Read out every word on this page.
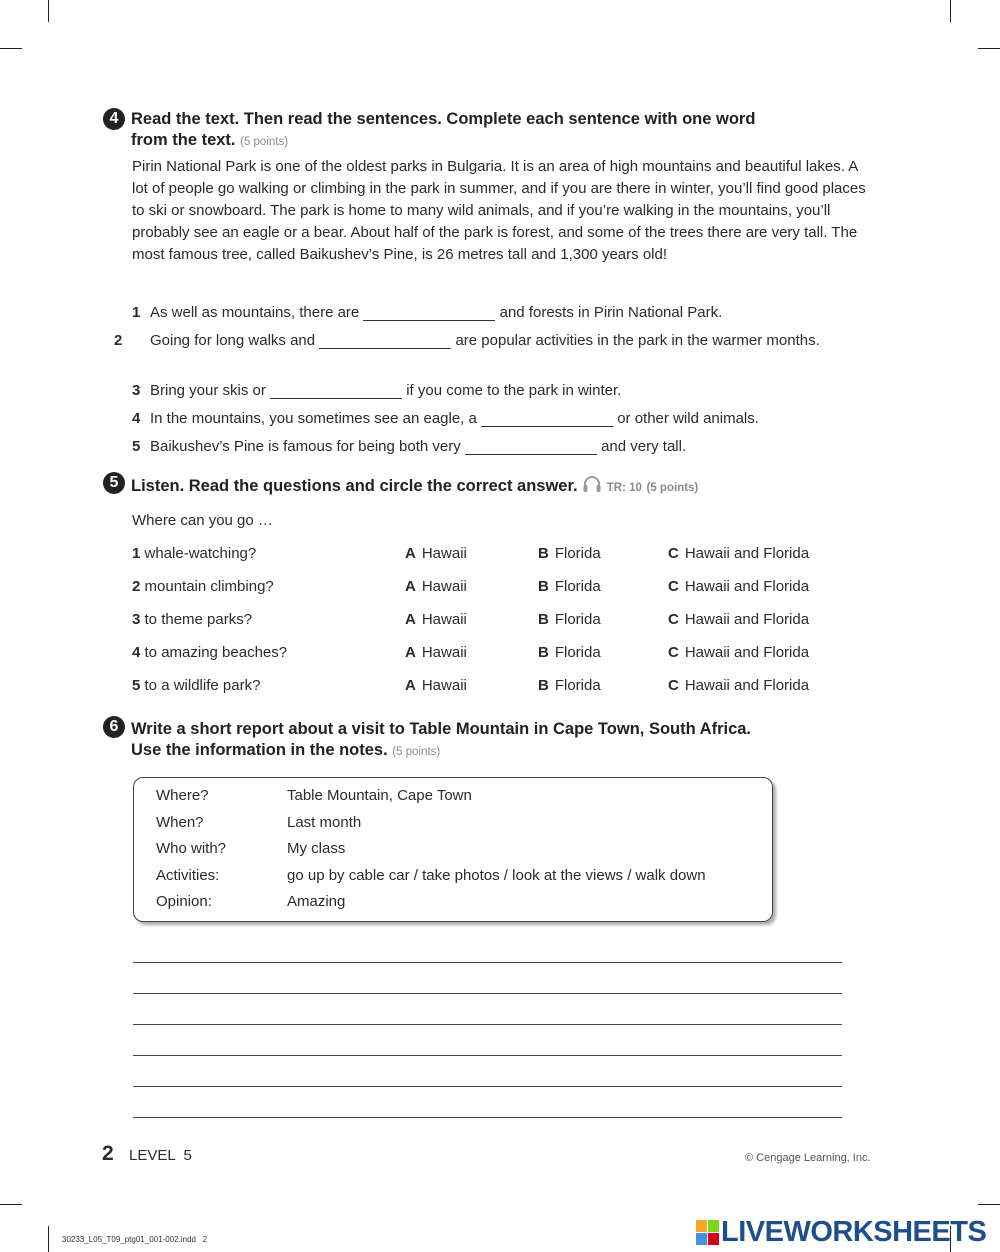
4 Read the text. Then read the sentences. Complete each sentence with one word
from the text. (5 points)
Pirin National Park is one of the oldest parks in Bulgaria. It is an area of high mountains and beautiful lakes. A lot of people go walking or climbing in the park in summer, and if you are there in winter, you’ll find good places to ski or snowboard. The park is home to many wild animals, and if you’re walking in the mountains, you’ll probably see an eagle or a bear. About half of the park is forest, and some of the trees there are very tall. The most famous tree, called Baikushev’s Pine, is 26 metres tall and 1,300 years old!
1 As well as mountains, there are	and forests in Pirin National Park.
2 Going for long walks and	are popular activities in the park in the warmer months.
3 Bring your skis or	if you come to the park in winter.
4 In the mountains, you sometimes see an eagle, a	or other wild animals.
5 Baikushev’s Pine is famous for being both very	and very tall.
5 Listen. Read the questions and circle the correct answer.	TR: 10 (5 points)
Where can you go …
1 whale-watching?	A Hawaii	B Florida	C Hawaii and Florida
2 mountain climbing?	A Hawaii	B Florida	C Hawaii and Florida
3 to theme parks?	A Hawaii	B Florida	C Hawaii and Florida
4 to amazing beaches?	A Hawaii	B Florida	C Hawaii and Florida
5 to a wildlife park?	A Hawaii	B Florida	C Hawaii and Florida
6 Write a short report about a visit to Table Mountain in Cape Town, South Africa.
Use the information in the notes. (5 points)
Where?	Table Mountain, Cape Town
When?	Last month
Who with?	My class
Activities:	go up by cable car / take photos / look at the views / walk down
Opinion:	Amazing
2 LEVEL  5	© Cengage Learning, Inc.
30233_L05_T09_ptg01_001-002.indd   2	LIVEWORKSHEETS
